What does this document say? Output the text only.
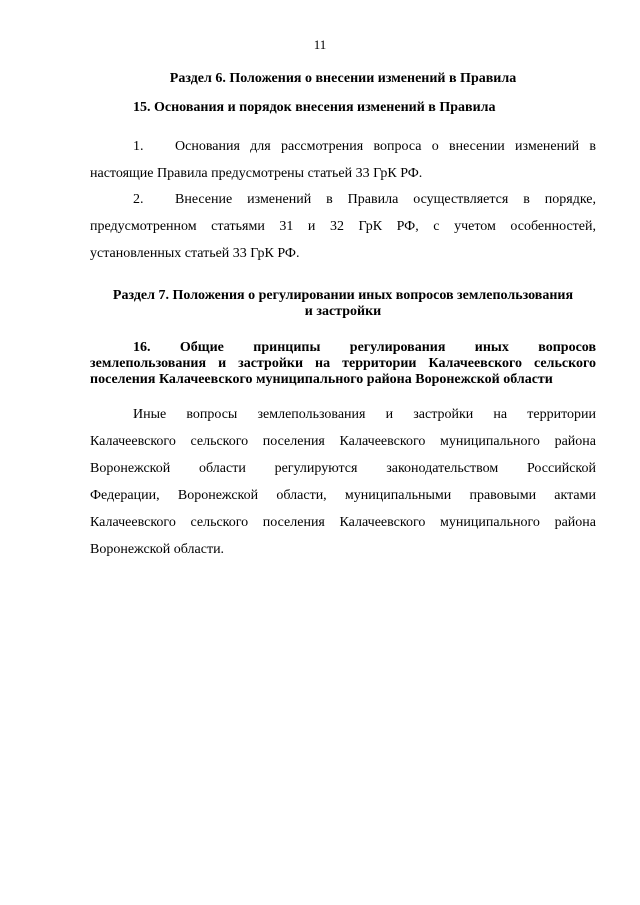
11
Раздел 6. Положения о внесении изменений в Правила
15. Основания и порядок внесения изменений в Правила
1. Основания для рассмотрения вопроса о внесении изменений в
настоящие Правила предусмотрены статьей 33 ГрК РФ.
2. Внесение изменений в Правила осуществляется в порядке,
предусмотренном статьями 31 и 32 ГрК РФ, с учетом особенностей,
установленных статьей 33 ГрК РФ.
Раздел 7. Положения о регулировании иных вопросов землепользования
и застройки
16. Общие принципы регулирования иных вопросов
землепользования и застройки на территории Калачеевского сельского
поселения Калачеевского муниципального района Воронежской области
Иные вопросы землепользования и застройки на территории
Калачеевского сельского поселения Калачеевского муниципального района
Воронежской области регулируются законодательством Российской
Федерации, Воронежской области, муниципальными правовыми актами
Калачеевского сельского поселения Калачеевского муниципального района
Воронежской области.
